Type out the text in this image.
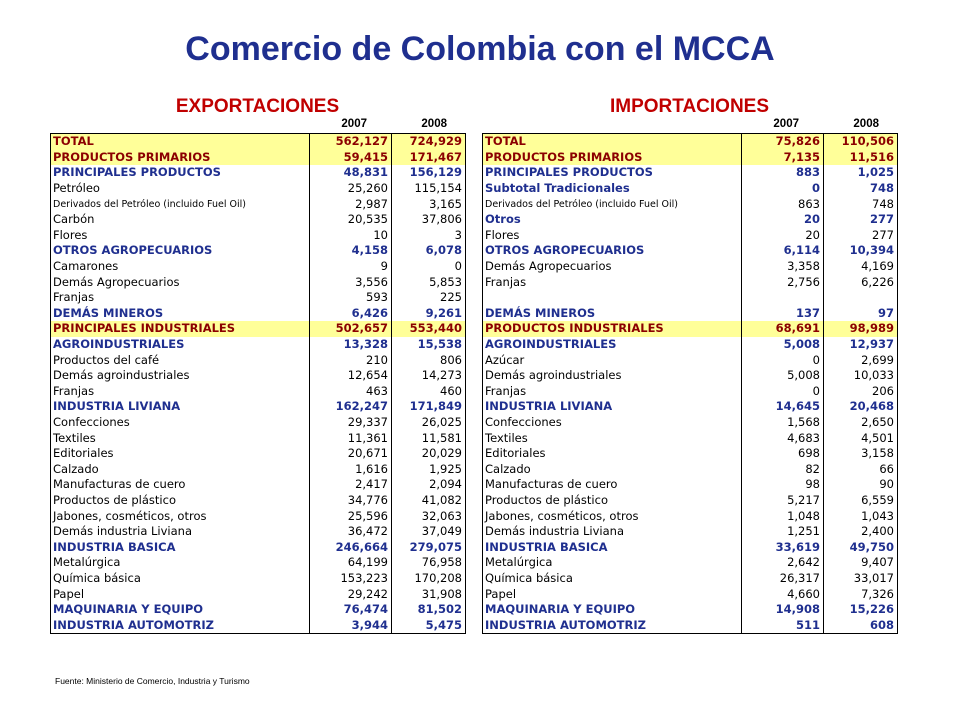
Comercio de Colombia con el MCCA
EXPORTACIONES
2007	2008
TOTAL	562,127	724,929
PRODUCTOS PRIMARIOS	59,415	171,467
PRINCIPALES PRODUCTOS	48,831	156,129
Petróleo	25,260	115,154
Derivados del Petróleo (incluido Fuel Oil)	2,987	3,165
Carbón	20,535	37,806
Flores	10	3
OTROS AGROPECUARIOS	4,158	6,078
Camarones	9	0
Demás Agropecuarios	3,556	5,853
Franjas	593	225
DEMÁS MINEROS	6,426	9,261
PRINCIPALES INDUSTRIALES	502,657	553,440
AGROINDUSTRIALES	13,328	15,538
Productos del café	210	806
Demás agroindustriales	12,654	14,273
Franjas	463	460
INDUSTRIA LIVIANA	162,247	171,849
Confecciones	29,337	26,025
Textiles	11,361	11,581
Editoriales	20,671	20,029
Calzado	1,616	1,925
Manufacturas de cuero	2,417	2,094
Productos de plástico	34,776	41,082
Jabones, cosméticos, otros	25,596	32,063
Demás industria Liviana	36,472	37,049
INDUSTRIA BASICA	246,664	279,075
Metalúrgica	64,199	76,958
Química básica	153,223	170,208
Papel	29,242	31,908
MAQUINARIA Y EQUIPO	76,474	81,502
INDUSTRIA AUTOMOTRIZ	3,944	5,475
IMPORTACIONES
2007	2008
TOTAL	75,826	110,506
PRODUCTOS PRIMARIOS	7,135	11,516
PRINCIPALES PRODUCTOS	883	1,025
Subtotal Tradicionales	0	748
Derivados del Petróleo (incluido Fuel Oil)	863	748
Otros	20	277
Flores	20	277
OTROS AGROPECUARIOS	6,114	10,394
Demás Agropecuarios	3,358	4,169
Franjas	2,756	6,226

DEMÁS MINEROS	137	97
PRODUCTOS INDUSTRIALES	68,691	98,989
AGROINDUSTRIALES	5,008	12,937
Azúcar	0	2,699
Demás agroindustriales	5,008	10,033
Franjas	0	206
INDUSTRIA LIVIANA	14,645	20,468
Confecciones	1,568	2,650
Textiles	4,683	4,501
Editoriales	698	3,158
Calzado	82	66
Manufacturas de cuero	98	90
Productos de plástico	5,217	6,559
Jabones, cosméticos, otros	1,048	1,043
Demás industria Liviana	1,251	2,400
INDUSTRIA BASICA	33,619	49,750
Metalúrgica	2,642	9,407
Química básica	26,317	33,017
Papel	4,660	7,326
MAQUINARIA Y EQUIPO	14,908	15,226
INDUSTRIA AUTOMOTRIZ	511	608
Fuente: Ministerio de Comercio, Industria y Turismo
